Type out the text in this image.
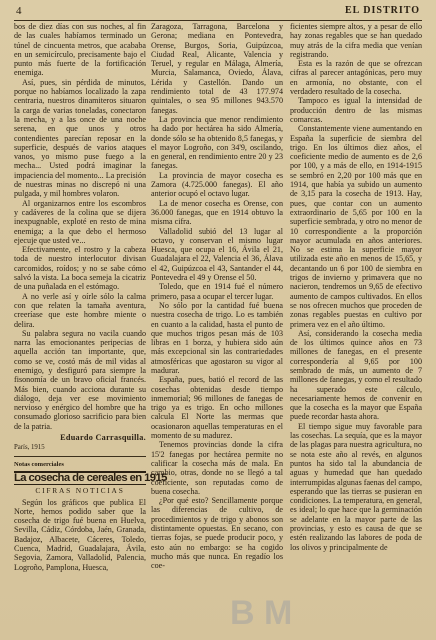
4	EL DISTRITO

bos de diez días con sus noches, al fin de las cuales habíamos terminado un túnel de cincuenta metros, que acababa en un semicírculo, precisamente bajo el punto más fuerte de la fortificación enemiga.

Así, pues, sin pérdida de minutos, porque no habíamos localizado la zapa centraria, nuestros dinamiteros situaron la carga de varias toneladas, conectaron la mecha, y a las once de una noche serena, en que unos y otros contendientes parecían reposar en la superficie, después de varios ataques vanos, yo mismo puse fuego a la mecha... Usted podrá imaginar la impaciencia del momento... La precisión de nuestras minas no discrepó ni una pulgada, y mil hombres volaron.

Al organizarnos entre los escombros y cadáveres de la colina que se dijera inexpugnable, exploté en resto de mina enemiga; a la que debo el hermoso ejecuje que usted ve...

Efectivamente, el rostro y la cabeza toda de nuestro interlocutor divisan carcomidos, roídos; y no se sabe cómo salvó la vista. La boca semeja la cicatriz de una puñalada en el estómago.

A no verle así y oírle sólo la calma con que relaten la tamaña aventura, creeríase que este hombre miente o delira.

Su palabra segura no vacila cuando narra las emocionantes peripecias de aquella acción tan importante, que, como se ve, costó más de mil vidas al enemigo, y desfiguró para siempre la fisonomía de un bravo oficial francés. Más bien, cuando acciona durante su diálogo, deja ver ese movimiento nervioso y enérgico del hombre que ha consumado glorioso sacrificio para bien de la patria.

Eduardo Carrasquilla.
París, 1915

Notas comerciales

La cosecha de cereales en 1915
CIFRAS NOTICIAS

Según los gráficos que publica El Norte, hemos podido saber que la cosecha de trigo fué buena en Huelva, Sevilla, Cádiz, Córdoba, Jaén, Granada, Badajoz, Albacete, Cáceres, Toledo, Cuenca, Madrid, Guadalajara, Ávila, Segovia, Zamora, Valladolid, Palencia, Logroño, Pamplona, Huesca,

Zaragoza, Tarragona, Barcelona y Gerona; mediana en Pontevedra, Orense, Burgos, Soria, Guipúzcoa, Ciudad Real, Alicante, Valencia y Teruel, y regular en Málaga, Almería, Murcia, Salamanca, Oviedo, Álava, Lérida y Castellón. Dando un rendimiento total de 43 177.974 quintales, o sea 95 millones 943.570 fanegas.

La provincia que menor rendimiento ha dado por hectárea ha sido Almería, donde sólo se ha obtenido 8,5 fanegas, y el mayor Logroño, con 34'9, oscilando, en general, en rendimiento entre 20 y 23 fanegas.

La provincia de mayor cosecha es Zamora (4.725.000 fanegas). El año anterior ocupó el octavo lugar.

La de menor cosecha es Orense, con 36.000 fanegas, que en 1914 obtuvo la misma cifra.

Valladolid subió del 13 lugar al octavo, y conservan el mismo lugar Huesca, que ocupa el 16, Ávila el 21, Guadalajara el 22, Valencia el 36, Álava el 42, Guipúzcoa el 43, Santander el 44, Pontevedra el 49 y Orense el 50.

Toledo, que en 1914 fué el número primero, pasa a ocupar el tercer lugar.

No sólo por la cantidad fué buena nuestra cosecha de trigo. Lo es también en cuanto a la calidad, hasta el punto de que muchos trigos pesan más de 103 libras en 1 borza, y hubiera sido aún más excepcional sin las contrariedades atmosféricas que agostaron su vigor al madurar.

España, pues, batió el record de las cosechas obtenidas desde tiempo inmemorial; 96 millones de fanegas de trigo ya es trigo. En ocho millones calcula El Norte las mermas que ocasionaron aquellas temperaturas en el momento de su madurez.

Tenemos provincias donde la cifra 15'2 fanegas por hectárea permite no calificar la cosecha más de mala. En cambio, otras, donde no se llegó a tal coeficiente, son reputadas como de buena cosecha.

¿Por qué esto? Sencillamente porque las diferencias de cultivo, de procedimientos y de trigo y abonos son distintamente opuestas. En secano, con tierras fojas, se puede producir poco, y esto aún no embargo: se ha cogido mucho más que nunca. En regadío los coe-

ficientes siempre altos, y a pesar de ello hay zonas regables que se han quedado muy atrás de la cifra media que venían registrando.

Esta es la razón de que se ofrezcan cifras al parecer antagónicas, pero muy en armonía, no obstante, con el verdadero resultado de la cosecha.

Tampoco es igual la intensidad de producción dentro de las mismas comarcas.

Constantemente viene aumentando en España la superficie de siembra del trigo. En los últimos diez años, el coeficiente medio de aumento es de 2,6 por 100, y a más de ello, en 1914-1915 se sembró en 2,20 por 100 más que en 1914, que había ya subido un aumento de 3,15 para la cosecha de 1913. Hay, pues, que contar con un aumento extraordinario de 5,65 por 100 en la superficie sembrada, y otro no menor de 10 correspondiente a la proporción mayor acumulada en años anteriores. No se estima la superficie mayor utilizada este año en menos de 15,65, y decantando un 6 por 100 de siembra en trigos de invierno y primavera que no nacieron, tendremos un 9,65 de efectivo aumento de campos cultivados. En ellos se nos ofrecen muchos que proceden de zonas regables puestas en cultivo por primera vez en el año último.

Así, considerando la cosecha media de los últimos quince años en 73 millones de fanegas, en el presente correspondería al 9,65 por 100 sembrado de más, un aumento de 7 millones de fanegas, y como el resultado ha superado este cálculo, necesariamente hemos de convenir en que la cosecha es la mayor que España puede recordar hasta ahora.

El tiempo sigue muy favorable para las cosechas. La sequía, que es la mayor de las plagas para nuestra agricultura, no se nota este año al revés, en algunos puntos ha sido tal la abundancia de aguas y humedad que han quedado interrumpidas algunas faenas del campo, esperando que las tierras se pusieran en condiciones. La temperatura, en general, es ideal; lo que hace que la germinación se adelante en la mayor parte de las provincias, y esto es causa de que se estén realizando las labores de poda de los olivos y principalmente de

B M
